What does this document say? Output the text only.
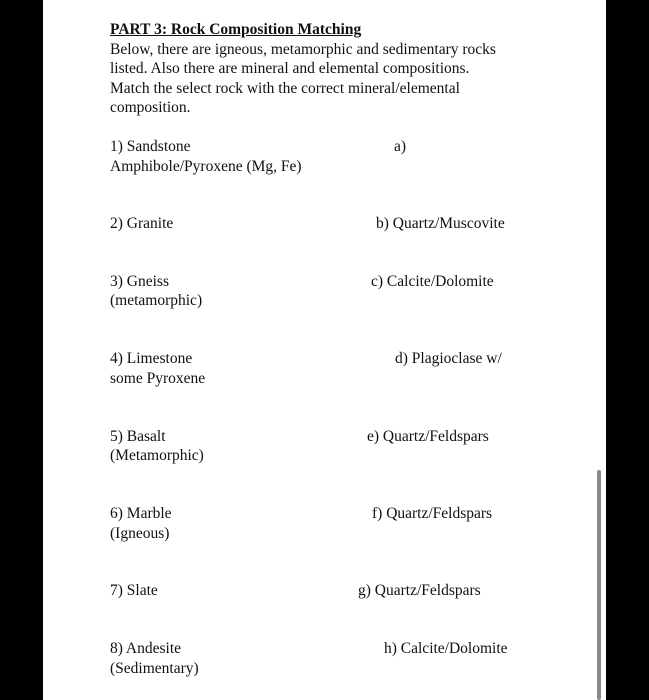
PART 3: Rock Composition Matching
Below, there are igneous, metamorphic and sedimentary rocks
listed. Also there are mineral and elemental compositions.
Match the select rock with the correct mineral/elemental
composition.
1) Sandstone
Amphibole/Pyroxene (Mg, Fe)
a)
2) Granite	b) Quartz/Muscovite
3) Gneiss
(metamorphic)
c) Calcite/Dolomite
4) Limestone
some Pyroxene
d) Plagioclase w/
5) Basalt
(Metamorphic)
e) Quartz/Feldspars
6) Marble
(Igneous)
f) Quartz/Feldspars
7) Slate	g) Quartz/Feldspars
8) Andesite
(Sedimentary)
h) Calcite/Dolomite
